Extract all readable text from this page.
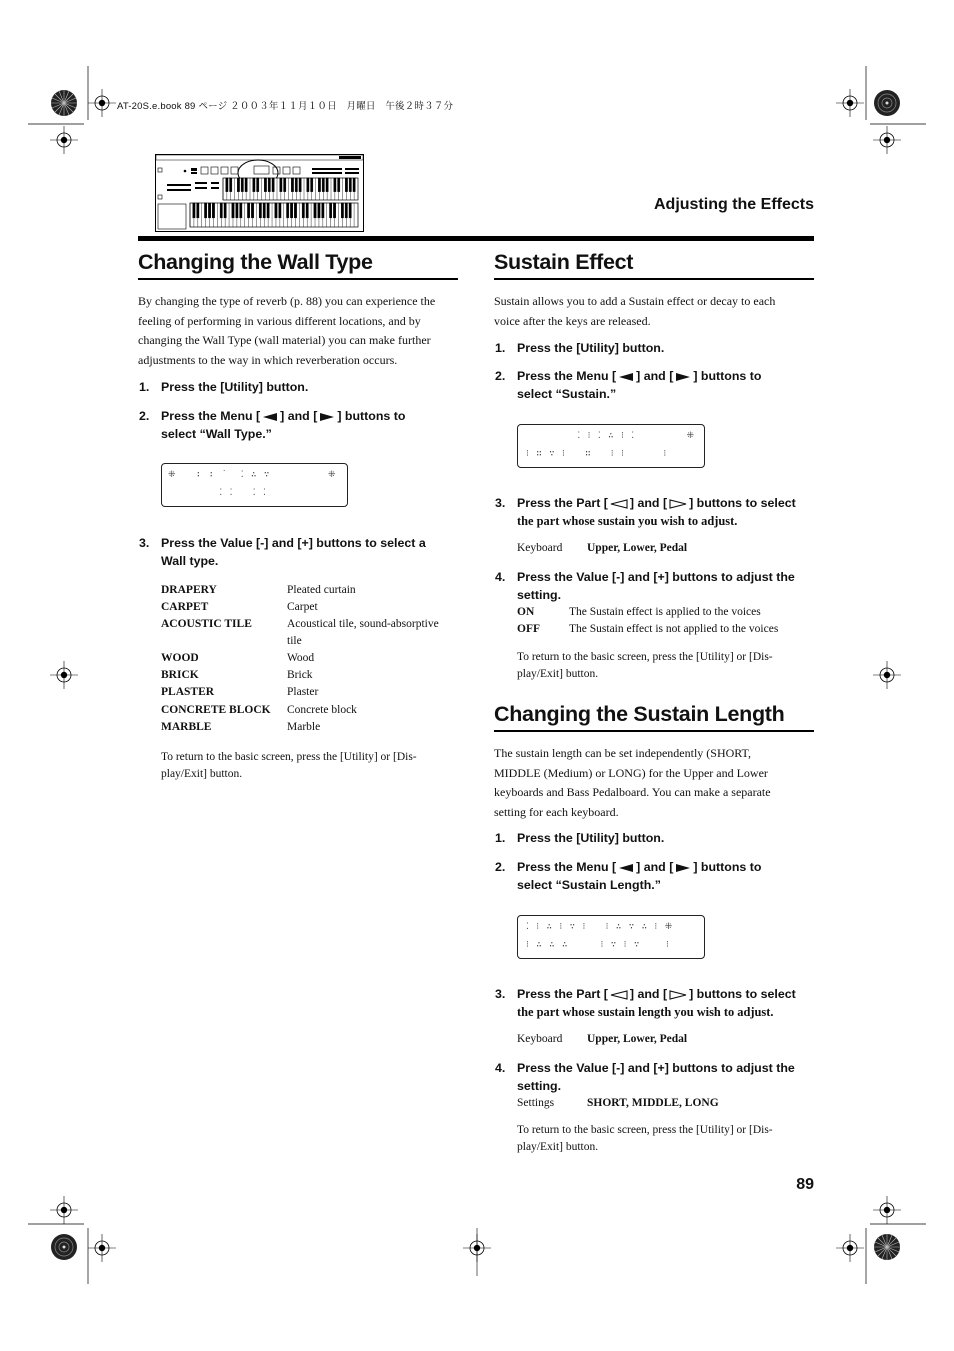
AT-20S.e.book 89 ページ ２００３年１１月１０日　月曜日　午後２時３７分
Adjusting the Effects
Changing the Wall Type
By changing the type of reverb (p. 88) you can experience the
feeling of performing in various different locations, and by
changing the Wall Type (wall material) you can make further
adjustments to the way in which reverberation occurs.
1. Press the [Utility] button.
2. Press the Menu [ ] and [ ] buttons to
select “Wall Type.”
⁜   ∶ ∶ ˙  ⁚ ∴ ∵         ⁜
⁚ ⁚   ⁚ ⁚
3. Press the Value [-] and [+] buttons to select a
Wall type.
DRAPERY	Pleated curtain
CARPET	Carpet
ACOUSTIC TILE	Acoustical tile, sound-absorptive
tile
WOOD	Wood
BRICK	Brick
PLASTER	Plaster
CONCRETE BLOCK Concrete block
MARBLE	Marble
To return to the basic screen, press the [Utility] or [Dis-
play/Exit] button.
Sustain Effect
Sustain allows you to add a Sustain effect or decay to each
voice after the keys are released.
1. Press the [Utility] button.
2. Press the Menu [ ] and [ ] buttons to
select “Sustain.”
⁚ ⁝ ⁚ ∴ ⁝ ⁚        ⁜
⁝ ∷ ∵ ⁝   ∷   ⁝ ⁝      ⁝
3. Press the Part [ ] and [ ] buttons to select
the part whose sustain you wish to adjust.
Keyboard Upper, Lower, Pedal
4. Press the Value [-] and [+] buttons to adjust the
setting.
ON	The Sustain effect is applied to the voices
OFF	The Sustain effect is not applied to the voices
To return to the basic screen, press the [Utility] or [Dis-
play/Exit] button.
Changing the Sustain Length
The sustain length can be set independently (SHORT,
MIDDLE (Medium) or LONG) for the Upper and Lower
keyboards and Bass Pedalboard. You can make a separate
setting for each keyboard.
1. Press the [Utility] button.
2. Press the Menu [ ] and [ ] buttons to
select “Sustain Length.”
⁚ ⁝ ∴ ⁝ ∵ ⁝   ⁝ ∴ ∵ ∴ ⁝ ⁜
⁝ ∴ ∴ ∴     ⁝ ∵ ⁝ ∵    ⁝
3. Press the Part [ ] and [ ] buttons to select
the part whose sustain length you wish to adjust.
Keyboard Upper, Lower, Pedal
4. Press the Value [-] and [+] buttons to adjust the
setting.
Settings	SHORT, MIDDLE, LONG
To return to the basic screen, press the [Utility] or [Dis-
play/Exit] button.
89
